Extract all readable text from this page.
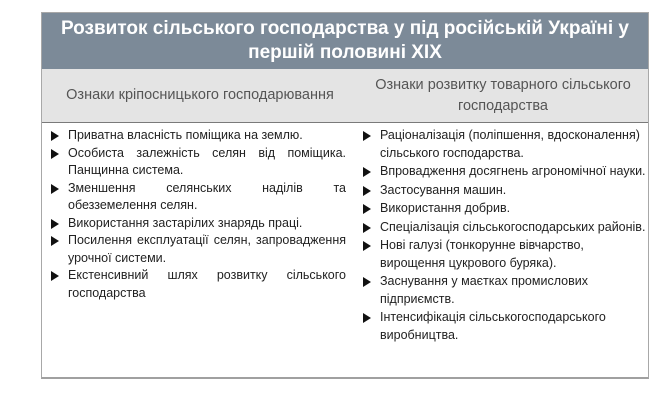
Розвиток сільського господарства у під російській Україні у першій половині ХІХ
Ознаки кріпосницького господарювання
Ознаки розвитку товарного сільського господарства
Приватна власність поміщика на землю.
Особиста залежність селян від поміщика. Панщинна система.
Зменшення селянських наділів та обезземелення селян.
Використання застарілих знарядь праці.
Посилення експлуатації селян, запровадження урочної системи.
Екстенсивний шлях розвитку сільського господарства
Раціоналізація (поліпшення, вдосконалення) сільського господарства.
Впровадження досягнень агрономічної науки.
Застосування машин.
Використання добрив.
Спеціалізація сільськогосподарських районів.
Нові галузі (тонкорунне вівчарство, вирощення цукрового буряка).
Заснування у маєтках промислових підприємств.
Інтенсифікація сільськогосподарського виробництва.
